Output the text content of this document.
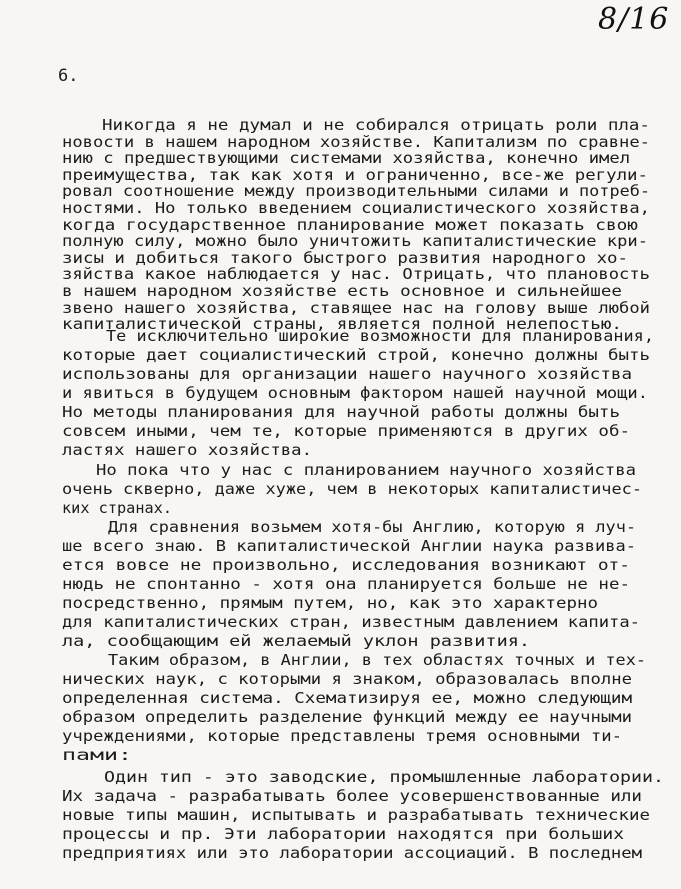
8/16
6.
Никогда я не думал и не собирался отрицать роли пла-
новости в нашем народном хозяйстве. Капитализм по сравне-
нию с предшествующими системами хозяйства, конечно имел
преимущества, так как хотя и ограниченно, все-же регули-
ровал соотношение между производительными силами и потреб-
ностями. Но только введением социалистического хозяйства,
когда государственное планирование может показать свою
полную силу, можно было уничтожить капиталистические кри-
зисы и добиться такого быстрого развития народного хо-
зяйства какое наблюдается у нас. Отрицать, что плановость
в нашем народном хозяйстве есть основное и сильнейшее
звено нашего хозяйства, ставящее нас на голову выше любой
капиталистической страны, является полной нелепостью.
Те исключительно широкие возможности для планирования,
которые дает социалистический строй, конечно должны быть
использованы для организации нашего научного хозяйства
и явиться в будущем основным фактором нашей научной мощи.
Но методы планирования для научной работы должны быть
совсем иными, чем те, которые применяются в других об-
ластях нашего хозяйства.
Но пока что у нас с планированием научного хозяйства
очень скверно, даже хуже, чем в некоторых капиталистичес-
ких странах.
Для сравнения возьмем хотя-бы Англию, которую я луч-
ше всего знаю. В капиталистической Англии наука развива-
ется вовсе не произвольно, исследования возникают от-
нюдь не спонтанно - хотя она планируется больше не не-
посредственно, прямым путем, но, как это характерно
для капиталистических стран, известным давлением капита-
ла, сообщающим ей желаемый уклон развития.
Таким образом, в Англии, в тех областях точных и тех-
нических наук, с которыми я знаком, образовалась вполне
определенная система. Схематизируя ее, можно следующим
образом определить разделение функций между ее научными
учреждениями, которые представлены тремя основными ти-
пами:
Один тип - это заводские, промышленные лаборатории.
Их задача - разрабатывать более усовершенствованные или
новые типы машин, испытывать и разрабатывать технические
процессы и пр. Эти лаборатории находятся при больших
предприятиях или это лаборатории ассоциаций. В последнем
